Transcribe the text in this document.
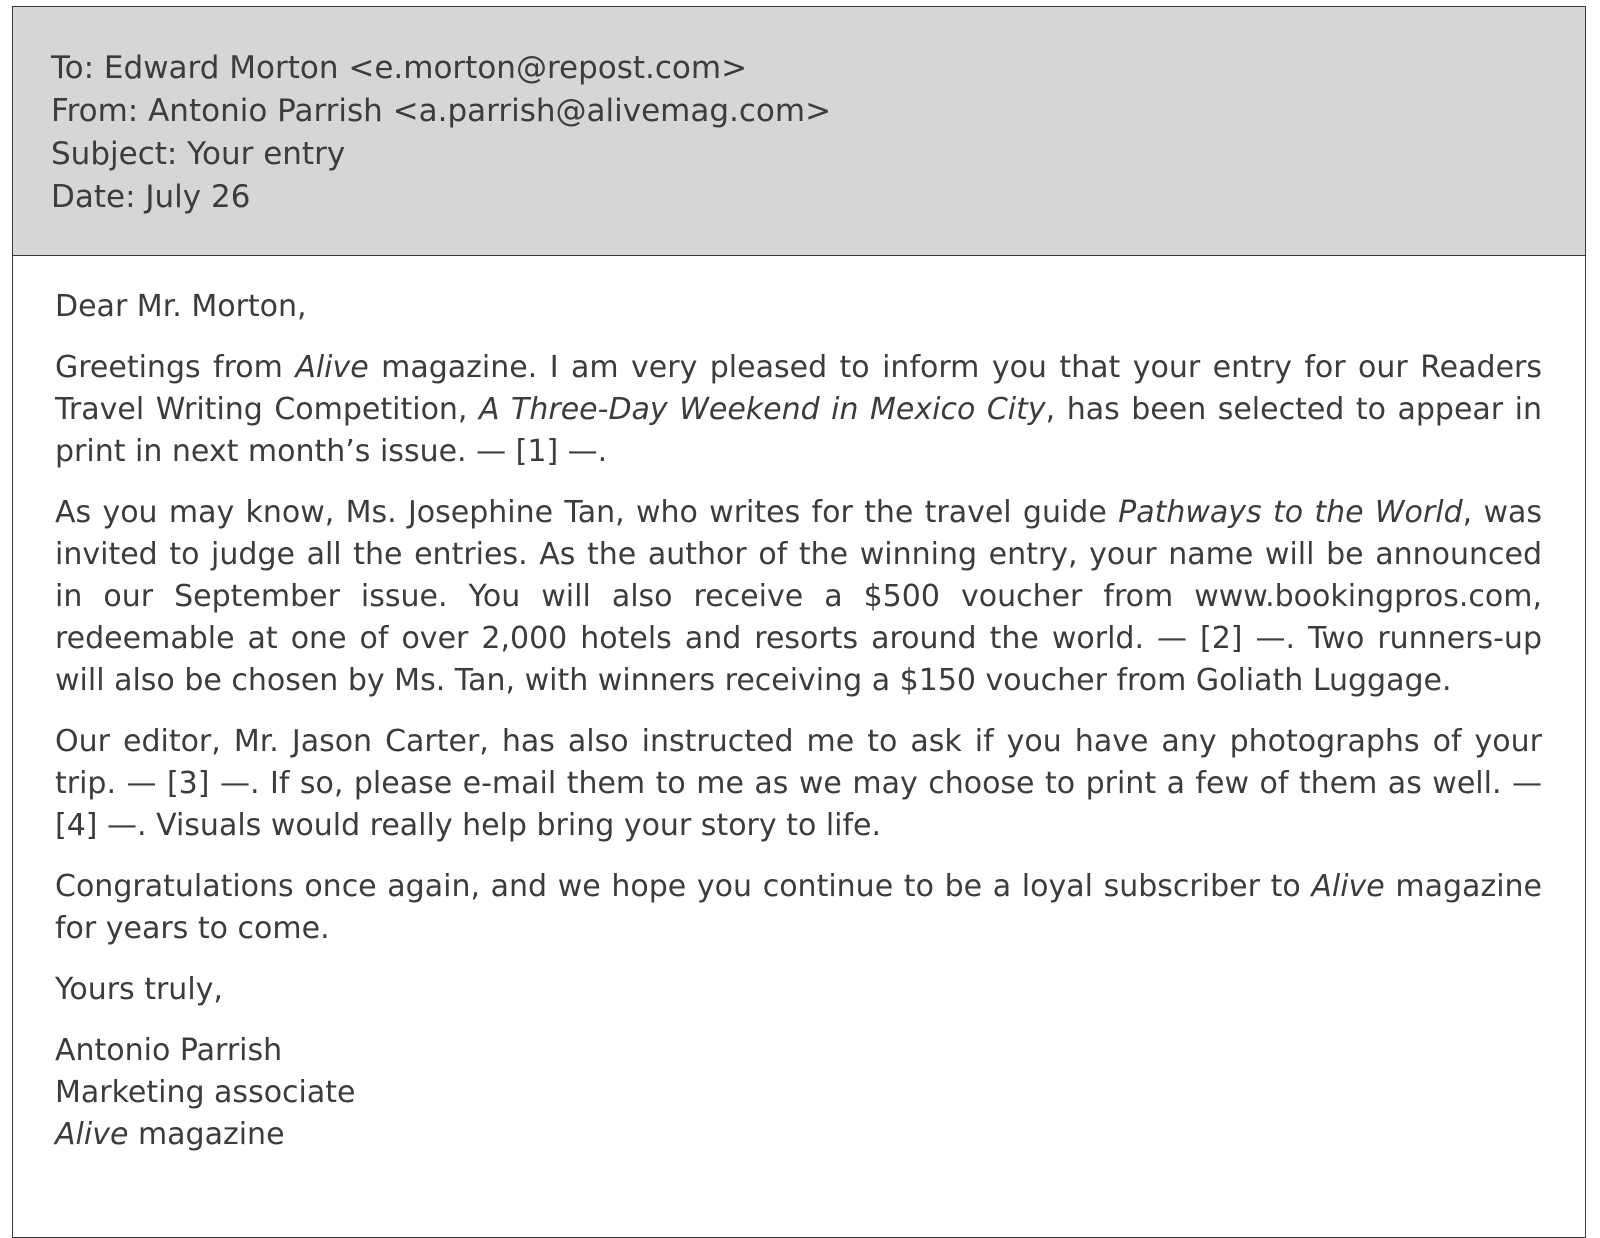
To: Edward Morton <e.morton@repost.com>
From: Antonio Parrish <a.parrish@alivemag.com>
Subject: Your entry
Date: July 26

Dear Mr. Morton,

Greetings from Alive magazine. I am very pleased to inform you that your entry for our Readers Travel Writing Competition, A Three-Day Weekend in Mexico City, has been selected to appear in print in next month’s issue. — [1] —.

As you may know, Ms. Josephine Tan, who writes for the travel guide Pathways to the World, was invited to judge all the entries. As the author of the winning entry, your name will be announced in our September issue. You will also receive a $500 voucher from www.bookingpros.com, redeemable at one of over 2,000 hotels and resorts around the world. — [2] —. Two runners-up will also be chosen by Ms. Tan, with winners receiving a $150 voucher from Goliath Luggage.

Our editor, Mr. Jason Carter, has also instructed me to ask if you have any photographs of your trip. — [3] —. If so, please e-mail them to me as we may choose to print a few of them as well. — [4] —. Visuals would really help bring your story to life.

Congratulations once again, and we hope you continue to be a loyal subscriber to Alive magazine for years to come.

Yours truly,

Antonio Parrish
Marketing associate
Alive magazine
